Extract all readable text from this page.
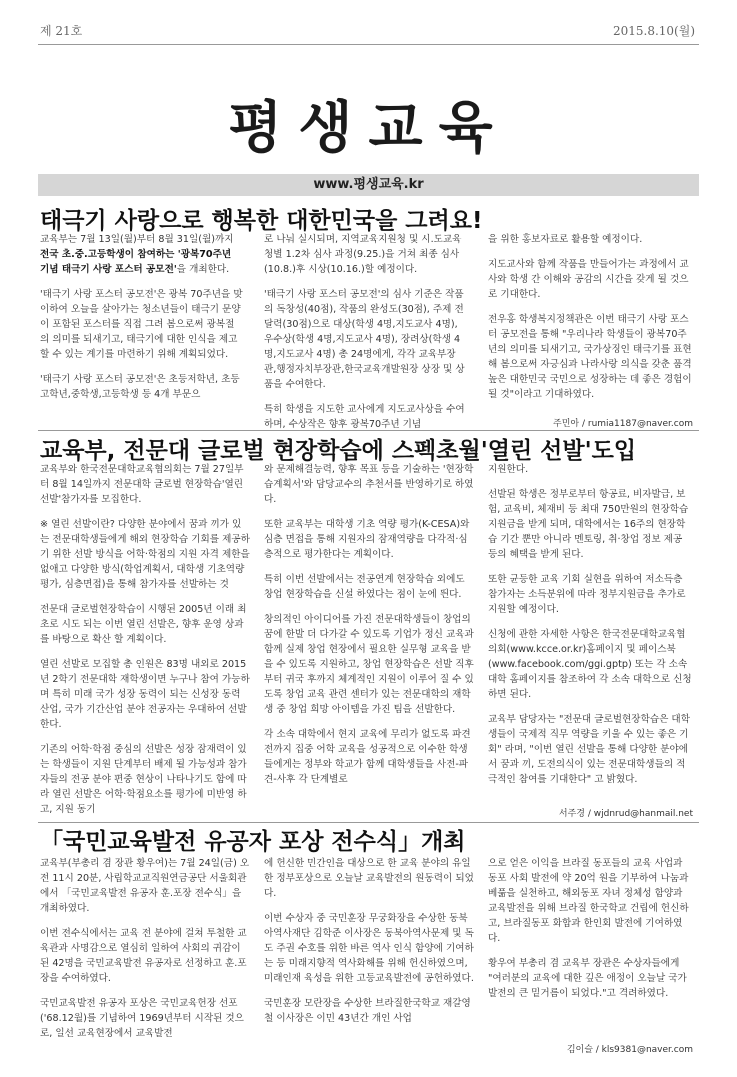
제 21호	2015.8.10(월)
평생교육
www.평생교육.kr
태극기 사랑으로 행복한 대한민국을 그려요!

교육부는 7월 13일(월)부터 8월 31일(월)까지 전국 초.중.고등학생이 참여하는 '광복70주년 기념 태극기 사랑 포스터 공모전'을 개최한다.

'태극기 사랑 포스터 공모전'은 광복 70주년을 맞이하여 오늘을 살아가는 청소년들이 태극기 문양이 포함된 포스터를 직접 그려 봄으로써 광복절의 의미를 되새기고, 태극기에 대한 인식을 제고할 수 있는 계기를 마련하기 위해 계획되었다.

'태극기 사랑 포스터 공모전'은 초등저학년, 초등고학년,중학생,고등학생 등 4개 부문으

로 나눠 실시되며, 지역교육지원청 및 시.도교육청별 1.2차 심사 과정(9.25.)을 거쳐 최종 심사(10.8.)후 시상(10.16.)할 예정이다.

'태극기 사랑 포스터 공모전'의 심사 기준은 작품의 독창성(40점), 작품의 완성도(30점), 주제 전달력(30점)으로 대상(학생 4명,지도교사 4명), 우수상(학생 4명,지도교사 4명), 장려상(학생 4명,지도교사 4명) 총 24명에게, 각각 교육부장관,행정자치부장관,한국교육개발원장 상장 및 상품을 수여한다.

특히 학생을 지도한 교사에게 지도교사상을 수여하며, 수상작은 향후 광복70주년 기념

을 위한 홍보자료로 활용할 예정이다.

지도교사와 함께 작품을 만들어가는 과정에서 교사와 학생 간 이해와 공감의 시간을 갖게 될 것으로 기대한다.

전우홍 학생복지정책관은 이번 태극기 사랑 포스터 공모전을 통해 "우리나라 학생들이 광복70주년의 의미를 되새기고, 국가상징인 태극기를 표현해 봄으로써 자긍심과 나라사랑 의식을 갖춘 품격 높은 대한민국 국민으로 성장하는 데 좋은 경험이 될 것"이라고 기대하였다.

주민아 / rumia1187@naver.com
교육부, 전문대 글로벌 현장학습에 스펙초월'열린 선발'도입

교육부와 한국전문대학교육협의회는 7월 27일부터 8월 14일까지 전문대학 글로벌 현장학습'열린선발'참가자를 모집한다.

※ 열린 선발이란? 다양한 분야에서 꿈과 끼가 있는 전문대학생들에게 해외 현장학습 기회를 제공하기 위한 선발 방식을 어학·학점의 지원 자격 제한을 없애고 다양한 방식(학업계획서, 대학생 기초역량평가, 심층면접)을 통해 참가자를 선발하는 것

전문대 글로벌현장학습이 시행된 2005년 이래 최초로 시도 되는 이번 열린 선발은, 향후 운영 상과를 바탕으로 확산 할 계획이다.

열린 선발로 모집할 총 인원은 83명 내외로 2015년 2학기 전문대학 재학생이면 누구나 참여 가능하며 특히 미래 국가 성장 동력이 되는 신성장 동력 산업, 국가 기간산업 분야 전공자는 우대하여 선발 한다.

기존의 어학·학점 중심의 선발은 성장 잠재력이 있는 학생들이 지원 단계부터 배제 될 가능성과 참가자들의 전공 분야 편중 현상이 나타나기도 함에 따라 열린 선발은 어학·학점요소를 평가에 미반영 하고, 지원 동기

와 문제해결능력, 향후 목표 등을 기술하는 '현장학습계획서'와 담당교수의 추천서를 반영하기로 하였다.

또한 교육부는 대학생 기초 역량 평가(K-CESA)와 심층 면접을 통해 지원자의 잠재역량을 다각적·심층적으로 평가한다는 계획이다.

특히 이번 선발에서는 전공연계 현장학습 외에도 창업 현장학습을 신설 하였다는 점이 눈에 띈다.

창의적인 아이디어를 가진 전문대학생들이 창업의 꿈에 한발 더 다가갈 수 있도록 기업가 정신 교육과 함께 실제 창업 현장에서 필요한 실무형 교육을 받을 수 있도록 지원하고, 창업 현장학습은 선발 직후부터 귀국 후까지 체계적인 지원이 이루어 질 수 있도록 창업 교육 관련 센터가 있는 전문대학의 재학생 중 창업 희망 아이템을 가진 팀을 선발한다.

각 소속 대학에서 현지 교육에 무리가 없도록 파견 전까지 집중 어학 교육을 성공적으로 이수한 학생들에게는 정부와 학교가 함께 대학생들을 사전-파견-사후 각 단계별로

지원한다.

선발된 학생은 정부로부터 항공료, 비자발급, 보험, 교육비, 체재비 등 최대 750만원의 현장학습 지원금을 받게 되며, 대학에서는 16주의 현장학습 기간 뿐만 아니라 멘토링, 취·창업 정보 제공 등의 혜택을 받게 된다.

또한 균등한 교육 기회 실현을 위하여 저소득층 참가자는 소득분위에 따라 정부지원금을 추가로 지원할 예정이다.

신청에 관한 자세한 사항은 한국전문대학교육협의회(www.kcce.or.kr)홈페이지 및 페이스북(www.facebook.com/ggi.gptp) 또는 각 소속 대학 홈페이지를 참조하여 각 소속 대학으로 신청하면 된다.

교육부 담당자는 "전문대 글로벌현장학습은 대학생들이 국제적 직무 역량을 키울 수 있는 좋은 기회" 라며, "이번 열린 선발을 통해 다양한 분야에서 꿈과 끼, 도전의식이 있는 전문대학생들의 적극적인 참여를 기대한다" 고 밝혔다.

서주경 / wjdnrud@hanmail.net
「국민교육발전 유공자 포상 전수식」개최

교육부(부총리 겸 장관 황우여)는 7월 24일(금) 오전 11시 20분, 사립학교교직원연금공단 서울회관에서 「국민교육발전 유공자 훈.포장 전수식」을 개최하였다.

이번 전수식에서는 교육 전 분야에 걸쳐 투철한 교육관과 사명감으로 열심히 일하여 사회의 귀감이 된 42명을 국민교육발전 유공자로 선정하고 훈.포장을 수여하였다.

국민교육발전 유공자 포상은 국민교육헌장 선포('68.12월)를 기념하여 1969년부터 시작된 것으로, 일선 교육현장에서 교육발전

에 헌신한 민간인을 대상으로 한 교육 분야의 유일한 정부포상으로 오늘날 교육발전의 원동력이 되었다.

이번 수상자 중 국민훈장 무궁화장을 수상한 동북아역사재단 김학준 이사장은 동북아역사문제 및 독도 주권 수호를 위한 바른 역사 인식 함양에 기여하는 등 미래지향적 역사화해를 위해 헌신하였으며, 미래인재 육성을 위한 고등교육발전에 공헌하였다.

국민훈장 모란장을 수상한 브라질한국학교 재갈영철 이사장은 이민 43년간 개인 사업

으로 얻은 이익을 브라질 동포들의 교육 사업과 동포 사회 발전에 약 20억 원을 기부하여 나눔과 베풂을 실천하고, 해외동포 자녀 정체성 함양과 교육발전을 위해 브라질 한국학교 건립에 헌신하고, 브라질동포 화합과 한인회 발전에 기여하였다.

황우여 부총리 겸 교육부 장관은 수상자들에게 "여러분의 교육에 대한 깊은 애정이 오늘날 국가 발전의 큰 밑거름이 되었다."고 격려하였다.

김이슬 / kls9381@naver.com
